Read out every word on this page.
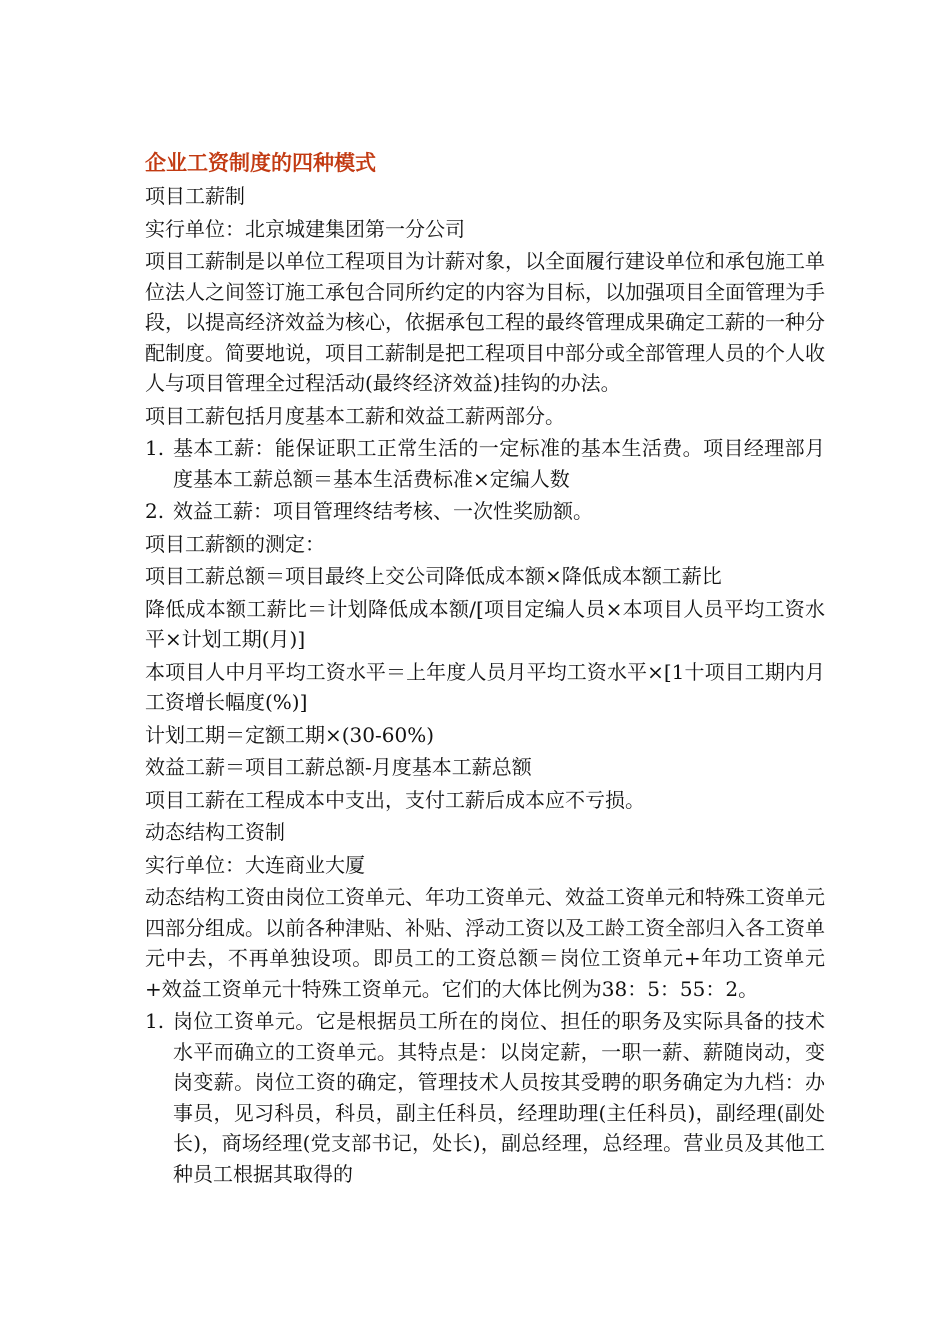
企业工资制度的四种模式
项目工薪制
实行单位：北京城建集团第一分公司
项目工薪制是以单位工程项目为计薪对象，以全面履行建设单位和承包施工单位法人之间签订施工承包合同所约定的内容为目标，以加强项目全面管理为手段，以提高经济效益为核心，依据承包工程的最终管理成果确定工薪的一种分配制度。简要地说，项目工薪制是把工程项目中部分或全部管理人员的个人收人与项目管理全过程活动(最终经济效益)挂钩的办法。
项目工薪包括月度基本工薪和效益工薪两部分。
1. 基本工薪：能保证职工正常生活的一定标准的基本生活费。项目经理部月度基本工薪总额＝基本生活费标准×定编人数
2. 效益工薪：项目管理终结考核、一次性奖励额。
项目工薪额的测定：
项目工薪总额＝项目最终上交公司降低成本额×降低成本额工薪比
降低成本额工薪比＝计划降低成本额/[项目定编人员×本项目人员平均工资水平×计划工期(月)]
本项目人中月平均工资水平＝上年度人员月平均工资水平×[1十项目工期内月工资增长幅度(%)]
计划工期＝定额工期×(30-60%)
效益工薪＝项目工薪总额-月度基本工薪总额
项目工薪在工程成本中支出，支付工薪后成本应不亏损。
动态结构工资制
实行单位：大连商业大厦
动态结构工资由岗位工资单元、年功工资单元、效益工资单元和特殊工资单元四部分组成。以前各种津贴、补贴、浮动工资以及工龄工资全部归入各工资单元中去，不再单独设项。即员工的工资总额＝岗位工资单元+年功工资单元+效益工资单元十特殊工资单元。它们的大体比例为38：5：55：2。
1. 岗位工资单元。它是根据员工所在的岗位、担任的职务及实际具备的技术水平而确立的工资单元。其特点是：以岗定薪，一职一薪、薪随岗动，变岗变薪。岗位工资的确定，管理技术人员按其受聘的职务确定为九档：办事员，见习科员，科员，副主任科员，经理助理(主任科员)，副经理(副处长)，商场经理(党支部书记，处长)，副总经理，总经理。营业员及其他工种员工根据其取得的
